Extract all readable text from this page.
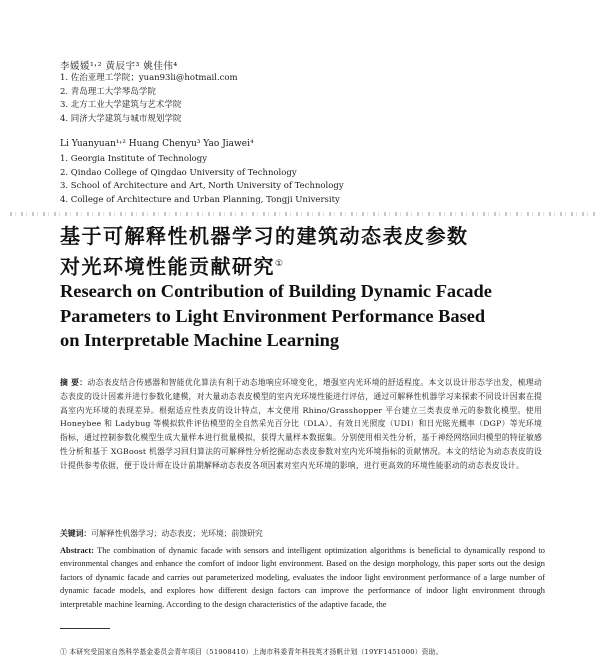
李媛媛¹˒² 黄辰宇³ 姚佳伟⁴
1. 佐治亚理工学院；yuan93li@hotmail.com
2. 青岛理工大学琴岛学院
3. 北方工业大学建筑与艺术学院
4. 同济大学建筑与城市规划学院
Li Yuanyuan¹˒² Huang Chenyu³ Yao Jiawei⁴
1. Georgia Institute of Technology
2. Qindao College of Qingdao University of Technology
3. School of Architecture and Art, North University of Technology
4. College of Architecture and Urban Planning, Tongji University
基于可解释性机器学习的建筑动态表皮参数
对光环境性能贡献研究①
Research on Contribution of Building Dynamic Facade
Parameters to Light Environment Performance Based
on Interpretable Machine Learning
摘 要：动态表皮结合传感器和智能优化算法有利于动态地响应环境变化，增强室内光环境的舒适程度。本文以设计形态学出发，梳理动态表皮的设计因素并进行参数化建模，对大量动态表皮模型的室内光环境性能进行评估，通过可解释性机器学习来探索不同设计因素在提高室内光环境的表现差异。根据适应性表皮的设计特点，本文使用 Rhino/Grasshopper 平台建立三类表皮单元的参数化模型。使用 Honeybee 和 Ladybug 等模拟软件评估模型的全自然采光百分比（DLA）、有效日光照度（UDI）和日光眩光概率（DGP）等光环境指标，通过控制参数化模型生成大量样本进行批量模拟，获得大量样本数据集。分别使用相关性分析，基于神经网络回归模型的特征敏感性分析和基于 XGBoost 机器学习回归算法的可解释性分析挖掘动态表皮参数对室内光环境指标的贡献情况。本文的结论为动态表皮的设计提供参考依据，便于设计师在设计前期解释动态表皮各项因素对室内光环境的影响，进行更高效的环境性能驱动的动态表皮设计。
关键词：可解释性机器学习；动态表皮；光环境；前馈研究
Abstract: The combination of dynamic facade with sensors and intelligent optimization algorithms is beneficial to dynamically respond to environmental changes and enhance the comfort of indoor light environment. Based on the design morphology, this paper sorts out the design factors of dynamic facade and carries out parameterized modeling, evaluates the indoor light environment performance of a large number of dynamic facade models, and explores how different design factors can improve the performance of indoor light environment through interpretable machine learning. According to the design characteristics of the adaptive facade, the
① 本研究受国家自然科学基金委员会青年项目（51908410）上海市科委青年科技英才扬帆计划（19YF1451000）资助。
